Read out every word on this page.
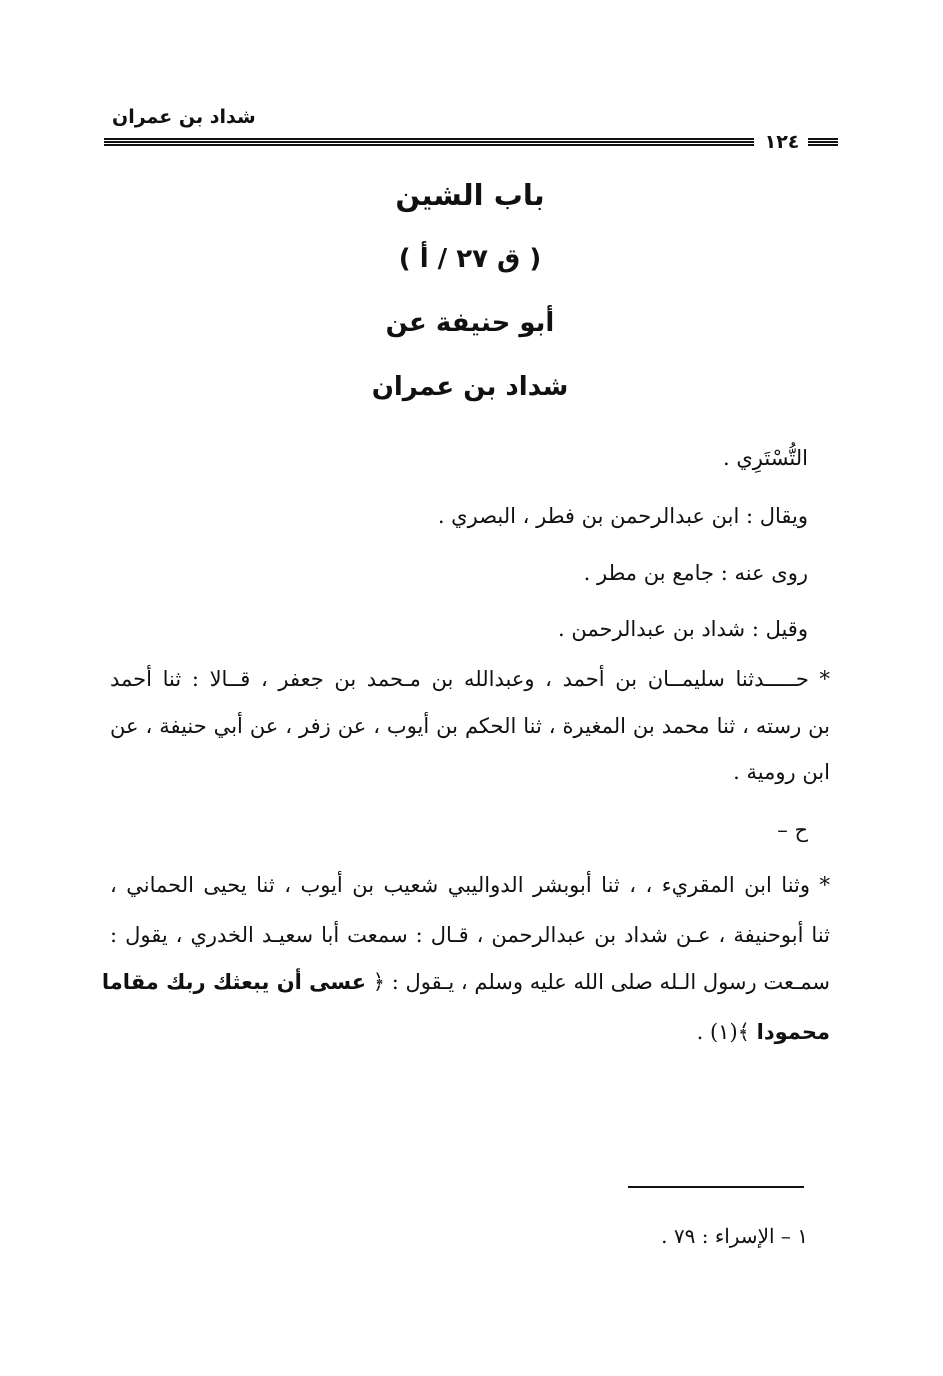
شداد بن عمران
١٢٤
باب الشين
( ق ٢٧ / أ )
أبو حنيفة عن
شداد بن عمران
التُّسْتَرِي .
ويقال : ابن عبدالرحمن بن فطر ، البصري .
روى عنه : جامع بن مطر .
وقيل : شداد بن عبدالرحمن .
* حـــــدثنا سليمــان بن أحمد ، وعبدالله بن مـحمد بن جعفر ، قــالا : ثنا أحمد
بن رسته ، ثنا محمد بن المغيرة ، ثنا الحكم بن أيوب ، عن زفر ، عن أبي حنيفة ، عن
ابن رومية .
ح –
* وثنا ابن المقريء ، ، ثنا أبوبشر الدواليبي شعيب بن أيوب ، ثنا يحيى الحماني ،
ثنا أبوحنيفة ، عـن شداد بن عبدالرحمن ، قـال : سمعت أبا سعيـد الخدري ، يقول :
سمـعت رسول الـله صلى الله عليه وسلم ، يـقول : ﴿ عسى أن يبعثك ربك مقاما
محمودا ﴾(١) .
١ – الإسراء : ٧٩ .
